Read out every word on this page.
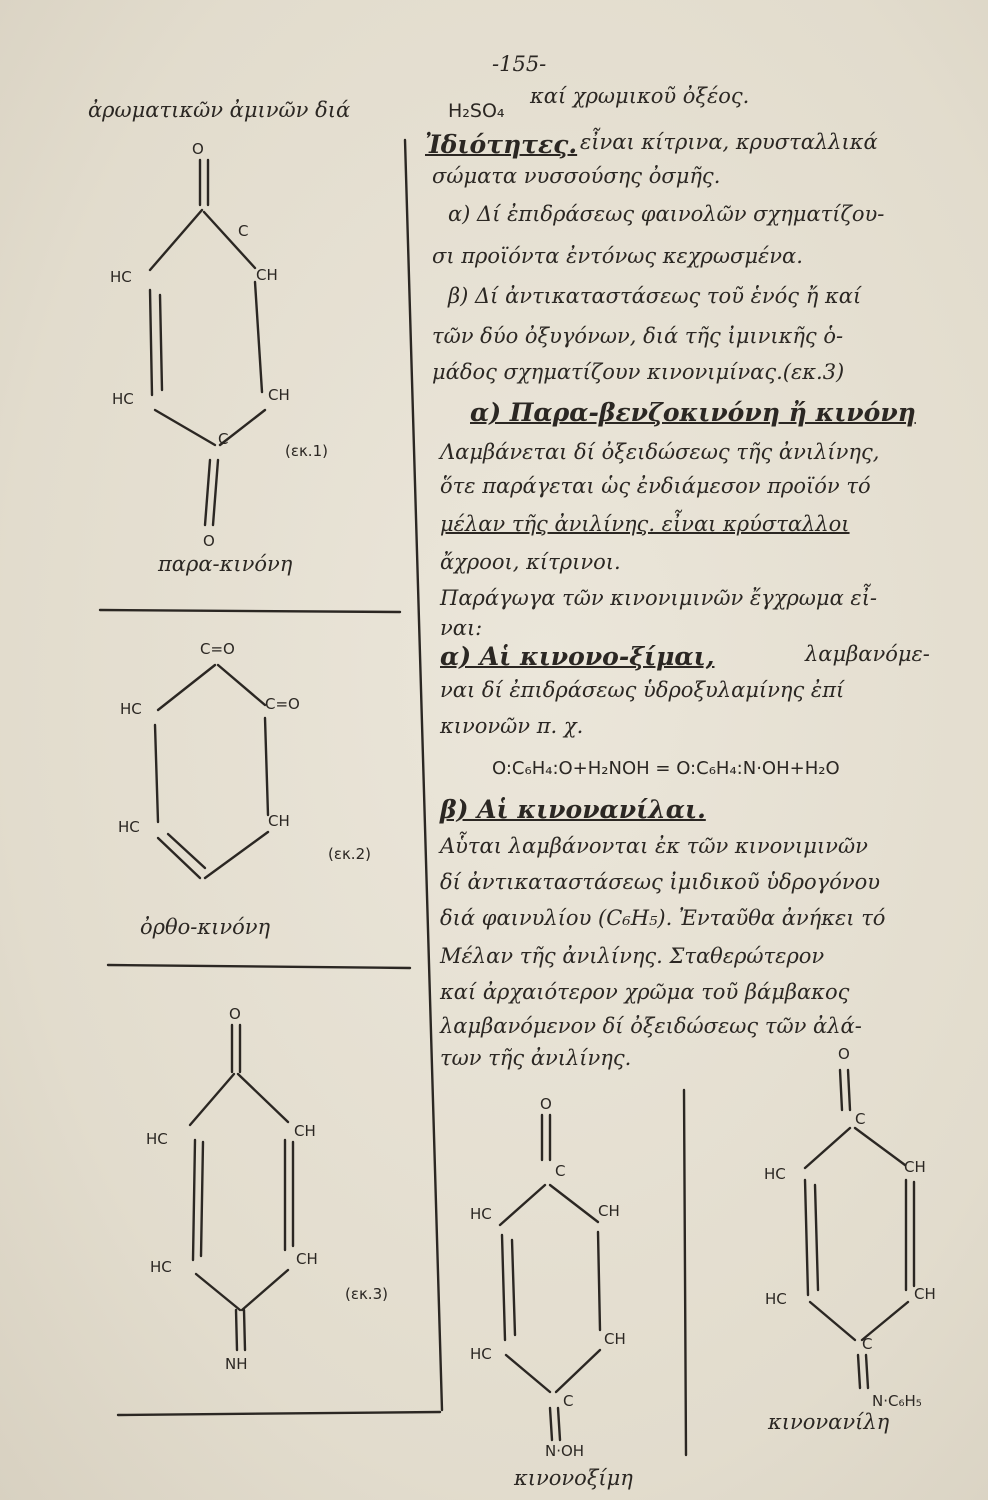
-155-
ἀρωματικῶν ἀμινῶν διά	H₂SO₄
καί χρωμικοῦ ὀξέος.
Ἰδιότητες. εἶναι κίτρινα, κρυσταλλικά
σώματα νυσσούσης ὀσμῆς.
α) Δί ἐπιδράσεως φαινολῶν σχηματίζου-
σι προϊόντα ἐντόνως κεχρωσμένα.
β) Δί ἀντικαταστάσεως τοῦ ἑνός ἤ καί
τῶν δύο ὀξυγόνων, διά τῆς ἰμινικῆς ὁ-
μάδος σχηματίζουν κινονιμίνας.(εκ.3)
α) Παρα-βενζοκινόνη ἤ κινόνη
Λαμβάνεται δί ὀξειδώσεως τῆς ἀνιλίνης,
ὅτε παράγεται ὡς ἐνδιάμεσον προϊόν τό
μέλαν τῆς ἀνιλίνης. εἶναι κρύσταλλοι
ἄχροοι, κίτρινοι.
Παράγωγα τῶν κινονιμινῶν ἔγχρωμα εἶ-
ναι:
α) Αἱ κινονο-ξίμαι,	λαμβανόμε-
ναι δί ἐπιδράσεως ὑδροξυλαμίνης ἐπί
κινονῶν π. χ.
O:C₆H₄:O+H₂NOH = O:C₆H₄:N·OH+H₂O
β) Αἱ κινονανίλαι.
Αὗται λαμβάνονται ἐκ τῶν κινονιμινῶν
δί ἀντικαταστάσεως ἰμιδικοῦ ὑδρογόνου
διά φαινυλίου (C₆H₅). Ἐνταῦθα ἀνήκει τό
Μέλαν τῆς ἀνιλίνης. Σταθερώτερον
καί ἀρχαιότερον χρῶμα τοῦ βάμβακος
λαμβανόμενον δί ὀξειδώσεως τῶν ἀλά-
των τῆς ἀνιλίνης.
O
C
HC	CH
HC	CH
C
O
(εκ.1)
παρα-κινόνη
C=O
HC	C=O
HC	CH
(εκ.2)
ὀρθο-κινόνη
O
HC	CH
HC	CH
NH
(εκ.3)
O
C
HC	CH
HC
CH
C
N·OH
κινονοξίμη
O
C
HC	CH
HC	CH
C
N·C₆H₅
κινονανίλη
